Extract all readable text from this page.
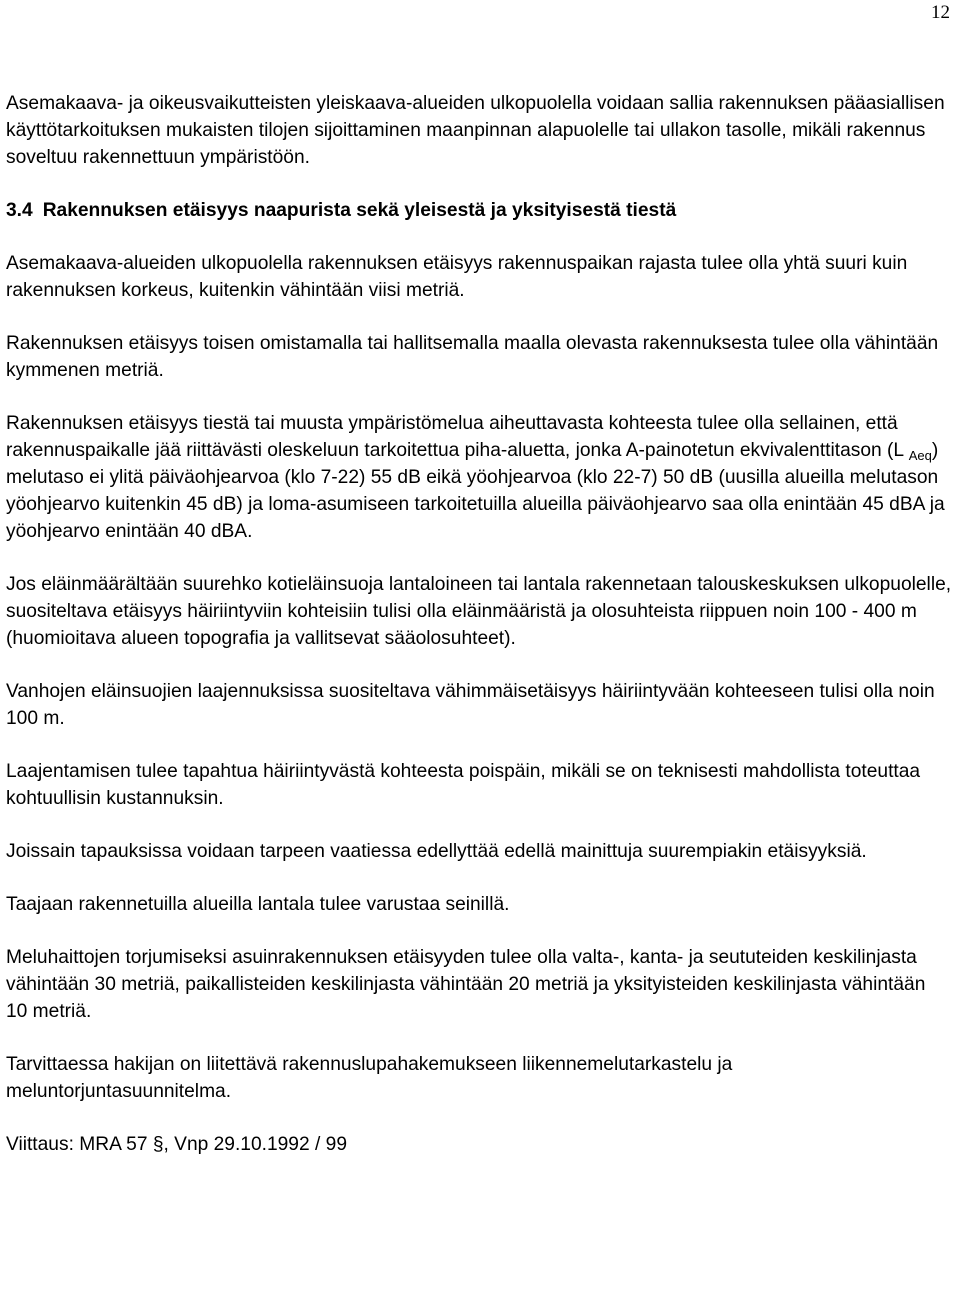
12

Asemakaava- ja oikeusvaikutteisten yleiskaava-alueiden ulkopuolella voidaan sallia rakennuksen pääasiallisen käyttötarkoituksen mukaisten tilojen sijoittaminen maanpinnan alapuolelle tai ullakon tasolle, mikäli rakennus soveltuu rakennettuun ympäristöön.

3.4 Rakennuksen etäisyys naapurista sekä yleisestä ja yksityisestä tiestä

Asemakaava-alueiden ulkopuolella rakennuksen etäisyys rakennuspaikan rajasta tulee olla yhtä suuri kuin rakennuksen korkeus, kuitenkin vähintään viisi metriä.

Rakennuksen etäisyys toisen omistamalla tai hallitsemalla maalla olevasta rakennuksesta tulee olla vähintään kymmenen metriä.

Rakennuksen etäisyys tiestä tai muusta ympäristömelua aiheuttavasta kohteesta tulee olla sellainen, että rakennuspaikalle jää riittävästi oleskeluun tarkoitettua piha-aluetta, jonka A-painotetun ekvivalenttitason (L $_{Aeq}$) melutaso ei ylitä päiväohjearvoa (klo 7-22) 55 dB eikä yöohjearvoa (klo 22-7) 50 dB (uusilla alueilla melutason yöohjearvo kuitenkin 45 dB) ja loma-asumiseen tarkoitetuilla alueilla päiväohjearvo saa olla enintään 45 dBA ja yöohjearvo enintään 40 dBA.

Jos eläinmäärältään suurehko kotieläinsuoja lantaloineen tai lantala rakennetaan talouskeskuksen ulkopuolelle, suositeltava etäisyys häiriintyviin kohteisiin tulisi olla eläinmääristä ja olosuhteista riippuen noin 100 - 400 m (huomioitava alueen topografia ja vallitsevat sääolosuhteet).

Vanhojen eläinsuojien laajennuksissa suositeltava vähimmäisetäisyys häiriintyvään kohteeseen tulisi olla noin 100 m.

Laajentamisen tulee tapahtua häiriintyvästä kohteesta poispäin, mikäli se on teknisesti mahdollista toteuttaa kohtuullisin kustannuksin.

Joissain tapauksissa voidaan tarpeen vaatiessa edellyttää edellä mainittuja suurempiakin etäisyyksiä.

Taajaan rakennetuilla alueilla lantala tulee varustaa seinillä.

Meluhaittojen torjumiseksi asuinrakennuksen etäisyyden tulee olla valta-, kanta- ja seututeiden keskilinjasta vähintään 30 metriä, paikallisteiden keskilinjasta vähintään 20 metriä ja yksityisteiden keskilinjasta vähintään 10 metriä.

Tarvittaessa hakijan on liitettävä rakennuslupahakemukseen liikennemelutarkastelu ja meluntorjuntasuunnitelma.

Viittaus: MRA 57 §, Vnp 29.10.1992 / 99
